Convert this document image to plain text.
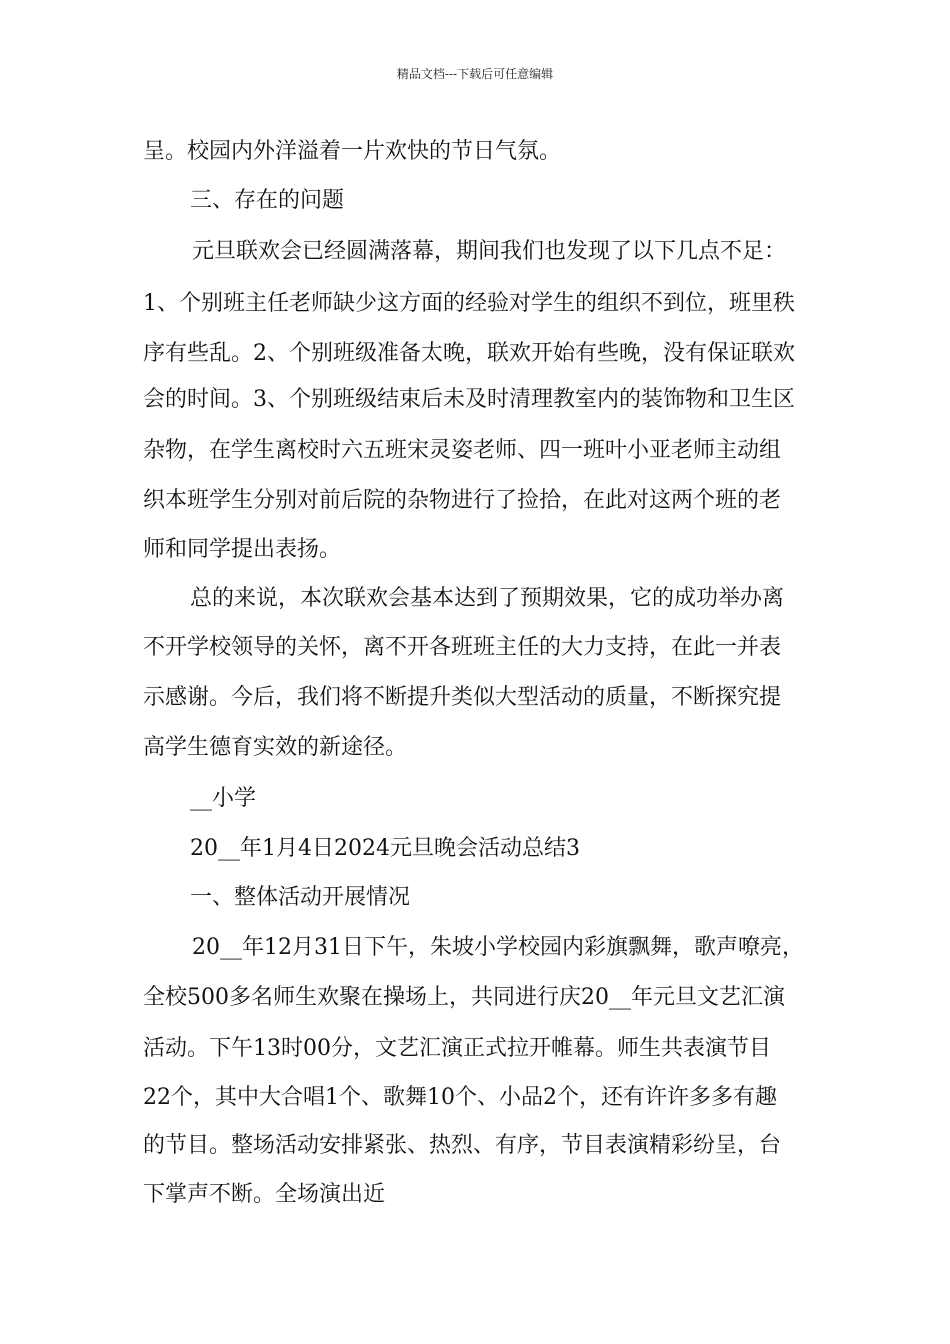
精品文档---下载后可任意编辑
呈。校园内外洋溢着一片欢快的节日气氛。
三、存在的问题
元旦联欢会已经圆满落幕，期间我们也发现了以下几点不足：
1、个别班主任老师缺少这方面的经验对学生的组织不到位，班里秩
序有些乱。2、个别班级准备太晚，联欢开始有些晚，没有保证联欢
会的时间。3、个别班级结束后未及时清理教室内的装饰物和卫生区
杂物，在学生离校时六五班宋灵姿老师、四一班叶小亚老师主动组
织本班学生分别对前后院的杂物进行了捡拾，在此对这两个班的老
师和同学提出表扬。
总的来说，本次联欢会基本达到了预期效果，它的成功举办离
不开学校领导的关怀，离不开各班班主任的大力支持，在此一并表
示感谢。今后，我们将不断提升类似大型活动的质量，不断探究提
高学生德育实效的新途径。
__小学
20__年1月4日2024元旦晚会活动总结3
一、整体活动开展情况
20__年12月31日下午，朱坡小学校园内彩旗飘舞，歌声嘹亮，
全校500多名师生欢聚在操场上，共同进行庆20__年元旦文艺汇演
活动。下午13时00分，文艺汇演正式拉开帷幕。师生共表演节目
22个，其中大合唱1个、歌舞10个、小品2个，还有许许多多有趣
的节目。整场活动安排紧张、热烈、有序，节目表演精彩纷呈，台
下掌声不断。全场演出近
